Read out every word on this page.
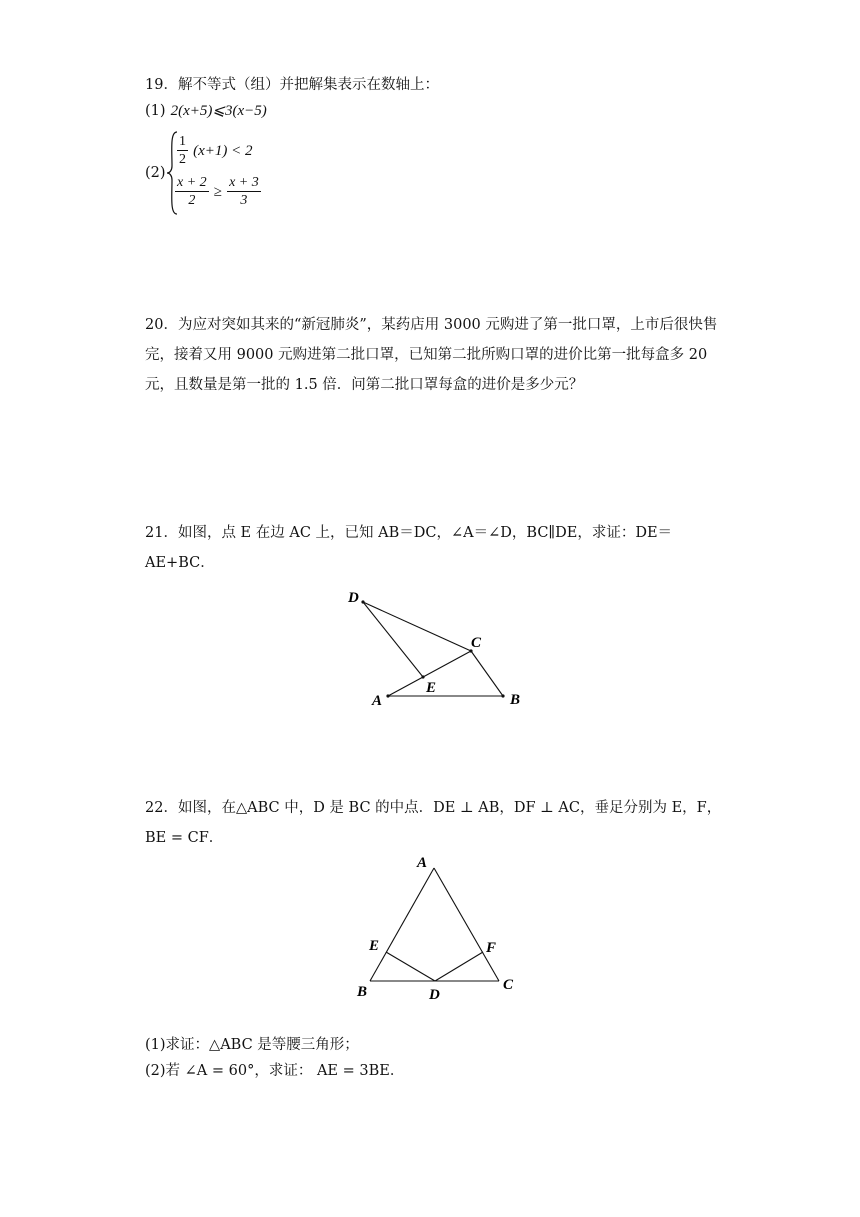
19．解不等式（组）并把解集表示在数轴上：
(1) 2(x+5)⩽3(x−5)
(2)
$\frac{1}{2} (x+1) < 2$
$\frac{x + 2}{2} \ge \frac{x + 3}{3}$
20．为应对突如其来的“新冠肺炎”，某药店用 3000 元购进了第一批口罩，上市后很快售完，接着又用 9000 元购进第二批口罩，已知第二批所购口罩的进价比第一批每盒多 20 元，且数量是第一批的 1.5 倍．问第二批口罩每盒的进价是多少元？
21．如图，点 E 在边 AC 上，已知 AB＝DC，∠A＝∠D，BC∥DE，求证：DE＝AE+BC．
D
C
E
A	B
22．如图，在△ABC 中，D 是 BC 的中点．DE ⊥ AB，DF ⊥ AC，垂足分别为 E，F，BE = CF．
A
E	F
B	D
C
(1)求证：△ABC 是等腰三角形；
(2)若 ∠A = 60°，求证： AE = 3BE．
